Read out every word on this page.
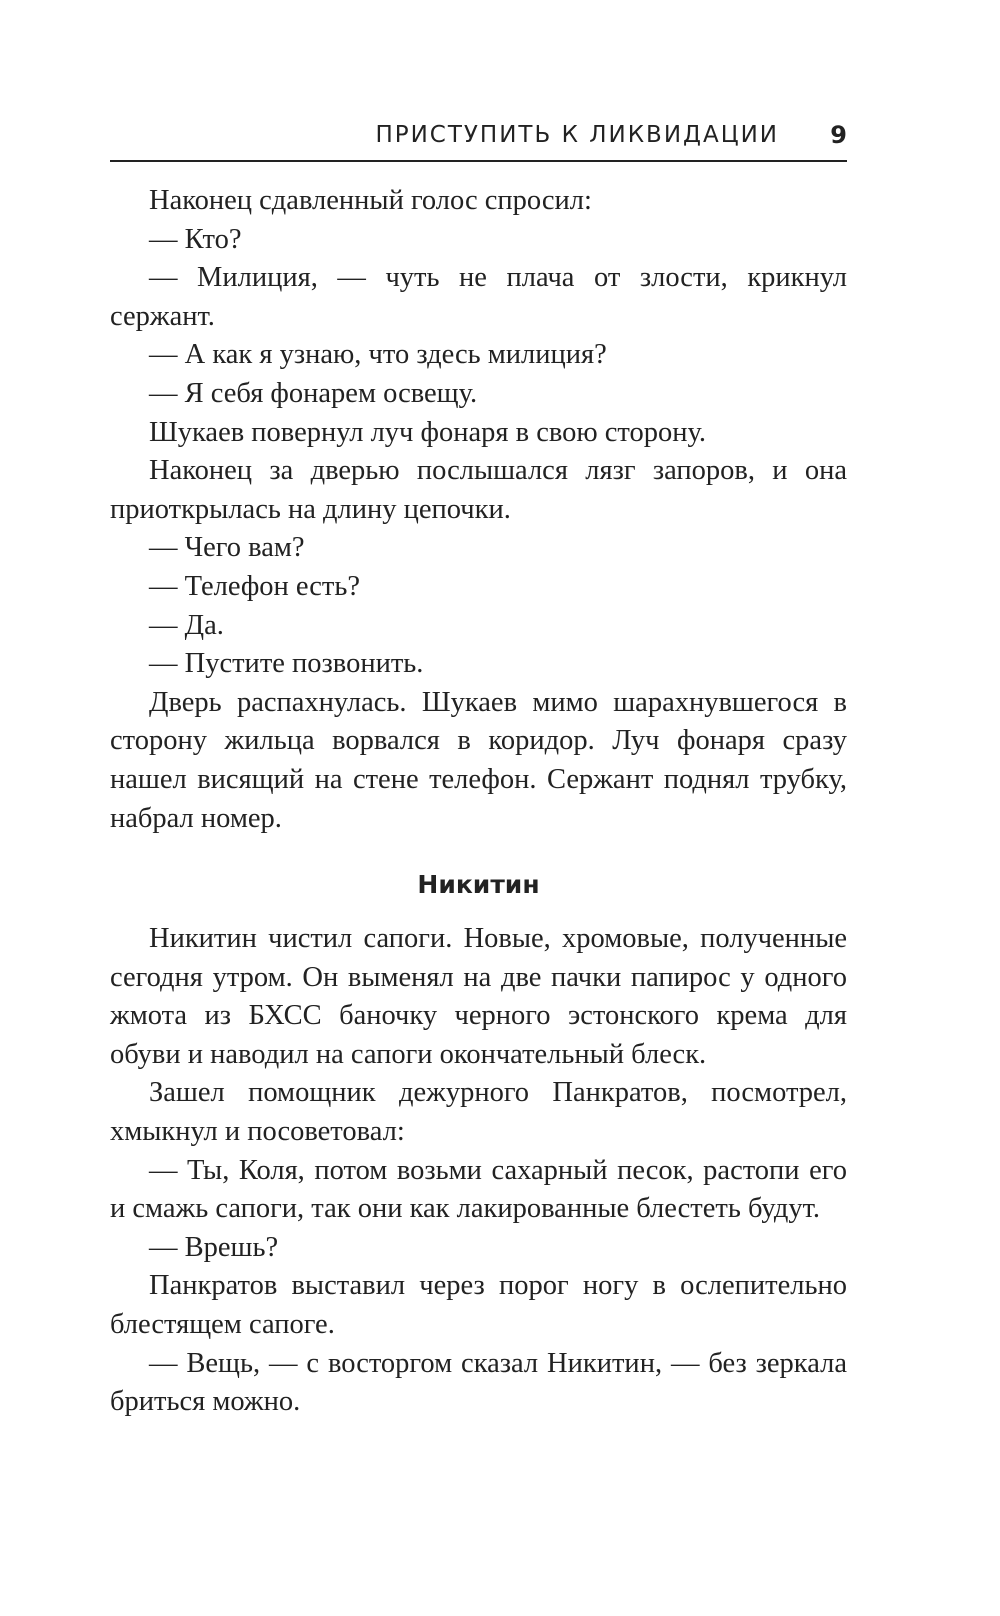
ПРИСТУПИТЬ К ЛИКВИДАЦИИ 9

Наконец сдавленный голос спросил:

— Кто?

— Милиция, — чуть не плача от злости, крикнул сержант.

— А как я узнаю, что здесь милиция?

— Я себя фонарем освещу.

Шукаев повернул луч фонаря в свою сторону.

Наконец за дверью послышался лязг запоров, и она приоткрылась на длину цепочки.

— Чего вам?

— Телефон есть?

— Да.

— Пустите позвонить.

Дверь распахнулась. Шукаев мимо шарахнувшегося в сторону жильца ворвался в коридор. Луч фонаря сразу нашел висящий на стене телефон. Сержант поднял трубку, набрал номер.

Никитин

Никитин чистил сапоги. Новые, хромовые, полученные сегодня утром. Он выменял на две пачки папирос у одного жмота из БХСС баночку черного эстонского крема для обуви и наводил на сапоги окончательный блеск.

Зашел помощник дежурного Панкратов, посмотрел, хмыкнул и посоветовал:

— Ты, Коля, потом возьми сахарный песок, растопи его и смажь сапоги, так они как лакированные блестеть будут.

— Врешь?

Панкратов выставил через порог ногу в ослепительно блестящем сапоге.

— Вещь, — с восторгом сказал Никитин, — без зеркала бриться можно.
